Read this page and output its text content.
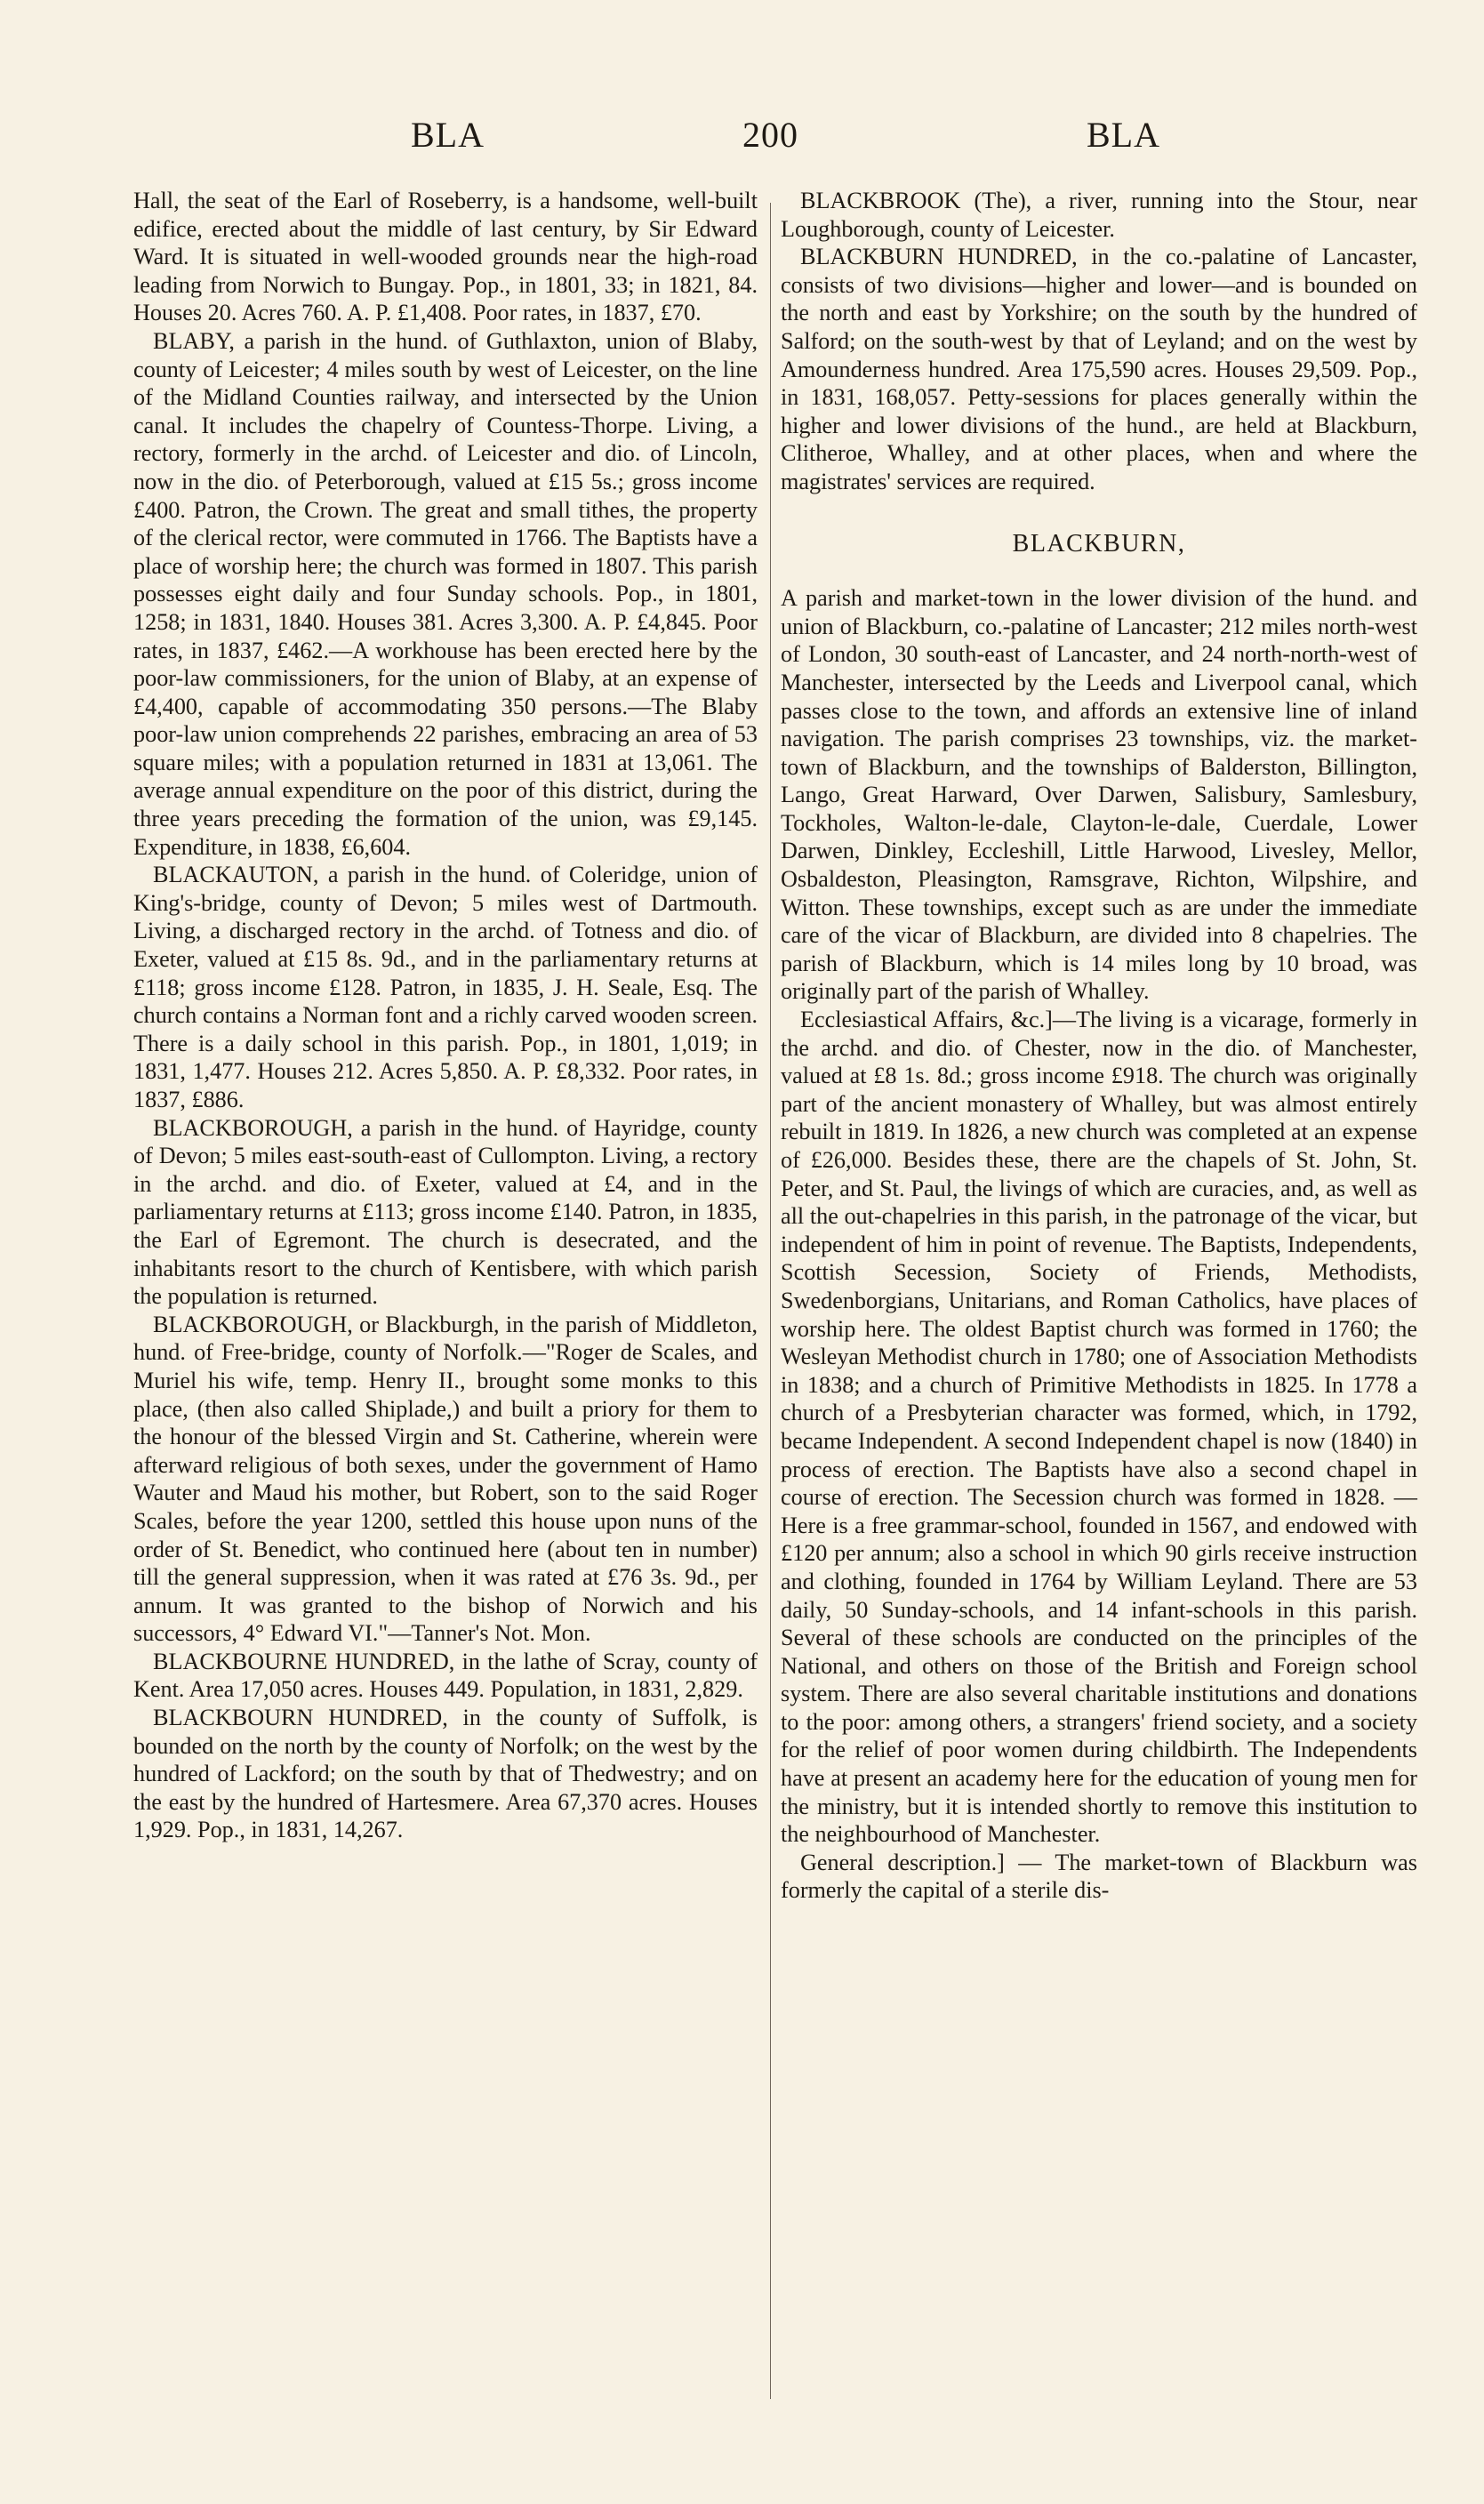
BLA	200	BLA

Hall, the seat of the Earl of Roseberry, is a handsome, well-built edifice, erected about the middle of last century, by Sir Edward Ward. It is situated in well-wooded grounds near the high-road leading from Norwich to Bungay. Pop., in 1801, 33; in 1821, 84. Houses 20. Acres 760. A. P. £1,408. Poor rates, in 1837, £70.

BLABY, a parish in the hund. of Guthlaxton, union of Blaby, county of Leicester; 4 miles south by west of Leicester, on the line of the Midland Counties railway, and intersected by the Union canal. It includes the chapelry of Countess-Thorpe. Living, a rectory, formerly in the archd. of Leicester and dio. of Lincoln, now in the dio. of Peterborough, valued at £15 5s.; gross income £400. Patron, the Crown. The great and small tithes, the property of the clerical rector, were commuted in 1766. The Baptists have a place of worship here; the church was formed in 1807. This parish possesses eight daily and four Sunday schools. Pop., in 1801, 1258; in 1831, 1840. Houses 381. Acres 3,300. A. P. £4,845. Poor rates, in 1837, £462.—A workhouse has been erected here by the poor-law commissioners, for the union of Blaby, at an expense of £4,400, capable of accommodating 350 persons.—The Blaby poor-law union comprehends 22 parishes, embracing an area of 53 square miles; with a population returned in 1831 at 13,061. The average annual expenditure on the poor of this district, during the three years preceding the formation of the union, was £9,145. Expenditure, in 1838, £6,604.

BLACKAUTON, a parish in the hund. of Coleridge, union of King's-bridge, county of Devon; 5 miles west of Dartmouth. Living, a discharged rectory in the archd. of Totness and dio. of Exeter, valued at £15 8s. 9d., and in the parliamentary returns at £118; gross income £128. Patron, in 1835, J. H. Seale, Esq. The church contains a Norman font and a richly carved wooden screen. There is a daily school in this parish. Pop., in 1801, 1,019; in 1831, 1,477. Houses 212. Acres 5,850. A. P. £8,332. Poor rates, in 1837, £886.

BLACKBOROUGH, a parish in the hund. of Hayridge, county of Devon; 5 miles east-south-east of Cullompton. Living, a rectory in the archd. and dio. of Exeter, valued at £4, and in the parliamentary returns at £113; gross income £140. Patron, in 1835, the Earl of Egremont. The church is desecrated, and the inhabitants resort to the church of Kentisbere, with which parish the population is returned.

BLACKBOROUGH, or Blackburgh, in the parish of Middleton, hund. of Free-bridge, county of Norfolk.—"Roger de Scales, and Muriel his wife, temp. Henry II., brought some monks to this place, (then also called Shiplade,) and built a priory for them to the honour of the blessed Virgin and St. Catherine, wherein were afterward religious of both sexes, under the government of Hamo Wauter and Maud his mother, but Robert, son to the said Roger Scales, before the year 1200, settled this house upon nuns of the order of St. Benedict, who continued here (about ten in number) till the general suppression, when it was rated at £76 3s. 9d., per annum. It was granted to the bishop of Norwich and his successors, 4° Edward VI."—Tanner's Not. Mon.

BLACKBOURNE HUNDRED, in the lathe of Scray, county of Kent. Area 17,050 acres. Houses 449. Population, in 1831, 2,829.

BLACKBOURN HUNDRED, in the county of Suffolk, is bounded on the north by the county of Norfolk; on the west by the hundred of Lackford; on the south by that of Thedwestry; and on the east by the hundred of Hartesmere. Area 67,370 acres. Houses 1,929. Pop., in 1831, 14,267.

BLACKBROOK (The), a river, running into the Stour, near Loughborough, county of Leicester.

BLACKBURN HUNDRED, in the co.-palatine of Lancaster, consists of two divisions—higher and lower—and is bounded on the north and east by Yorkshire; on the south by the hundred of Salford; on the south-west by that of Leyland; and on the west by Amounderness hundred. Area 175,590 acres. Houses 29,509. Pop., in 1831, 168,057. Petty-sessions for places generally within the higher and lower divisions of the hund., are held at Blackburn, Clitheroe, Whalley, and at other places, when and where the magistrates' services are required.

BLACKBURN,

A parish and market-town in the lower division of the hund. and union of Blackburn, co.-palatine of Lancaster; 212 miles north-west of London, 30 south-east of Lancaster, and 24 north-north-west of Manchester, intersected by the Leeds and Liverpool canal, which passes close to the town, and affords an extensive line of inland navigation. The parish comprises 23 townships, viz. the market-town of Blackburn, and the townships of Balderston, Billington, Lango, Great Harward, Over Darwen, Salisbury, Samlesbury, Tockholes, Walton-le-dale, Clayton-le-dale, Cuerdale, Lower Darwen, Dinkley, Eccleshill, Little Harwood, Livesley, Mellor, Osbaldeston, Pleasington, Ramsgrave, Richton, Wilpshire, and Witton. These townships, except such as are under the immediate care of the vicar of Blackburn, are divided into 8 chapelries. The parish of Blackburn, which is 14 miles long by 10 broad, was originally part of the parish of Whalley.

Ecclesiastical Affairs, &c.]—The living is a vicarage, formerly in the archd. and dio. of Chester, now in the dio. of Manchester, valued at £8 1s. 8d.; gross income £918. The church was originally part of the ancient monastery of Whalley, but was almost entirely rebuilt in 1819. In 1826, a new church was completed at an expense of £26,000. Besides these, there are the chapels of St. John, St. Peter, and St. Paul, the livings of which are curacies, and, as well as all the out-chapelries in this parish, in the patronage of the vicar, but independent of him in point of revenue. The Baptists, Independents, Scottish Secession, Society of Friends, Methodists, Swedenborgians, Unitarians, and Roman Catholics, have places of worship here. The oldest Baptist church was formed in 1760; the Wesleyan Methodist church in 1780; one of Association Methodists in 1838; and a church of Primitive Methodists in 1825. In 1778 a church of a Presbyterian character was formed, which, in 1792, became Independent. A second Independent chapel is now (1840) in process of erection. The Baptists have also a second chapel in course of erection. The Secession church was formed in 1828. —Here is a free grammar-school, founded in 1567, and endowed with £120 per annum; also a school in which 90 girls receive instruction and clothing, founded in 1764 by William Leyland. There are 53 daily, 50 Sunday-schools, and 14 infant-schools in this parish. Several of these schools are conducted on the principles of the National, and others on those of the British and Foreign school system. There are also several charitable institutions and donations to the poor: among others, a strangers' friend society, and a society for the relief of poor women during childbirth. The Independents have at present an academy here for the education of young men for the ministry, but it is intended shortly to remove this institution to the neighbourhood of Manchester.

General description.] — The market-town of Blackburn was formerly the capital of a sterile dis-
